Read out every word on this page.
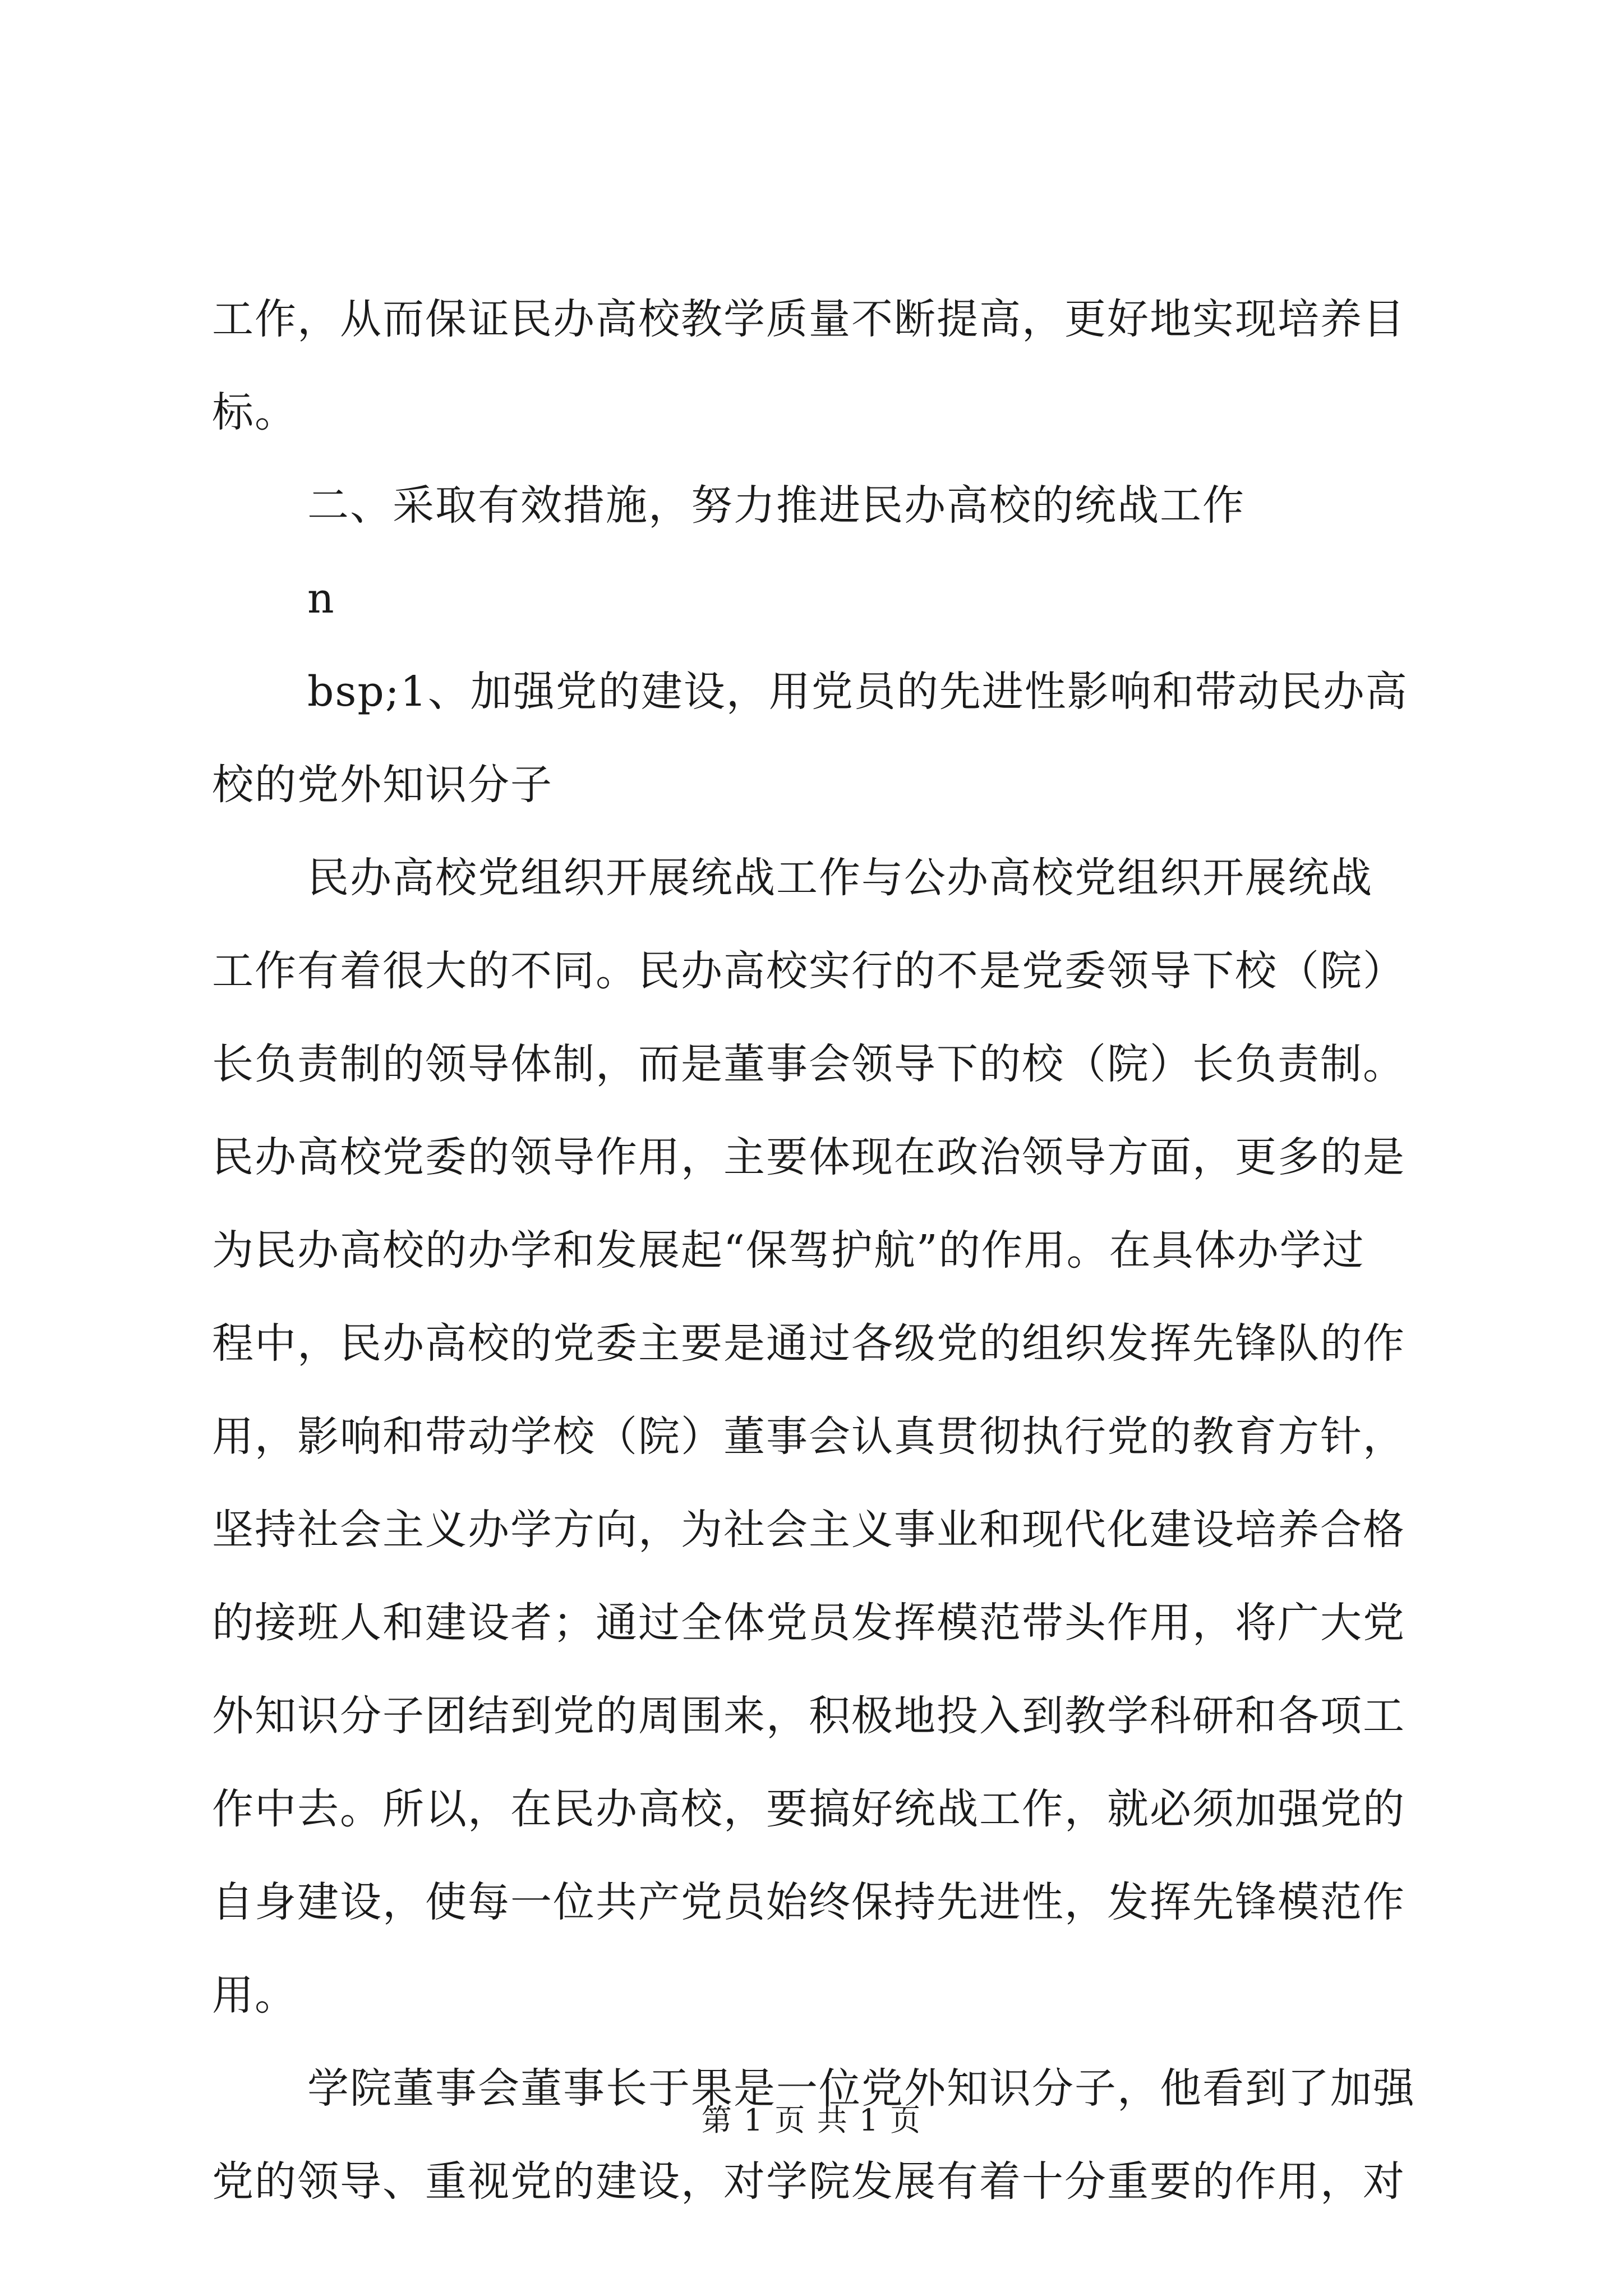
工作，从而保证民办高校教学质量不断提高，更好地实现培养目
标。
二、采取有效措施，努力推进民办高校的统战工作
n
bsp;1、加强党的建设，用党员的先进性影响和带动民办高
校的党外知识分子
民办高校党组织开展统战工作与公办高校党组织开展统战
工作有着很大的不同。民办高校实行的不是党委领导下校（院）
长负责制的领导体制，而是董事会领导下的校（院）长负责制。
民办高校党委的领导作用，主要体现在政治领导方面，更多的是
为民办高校的办学和发展起“保驾护航”的作用。在具体办学过
程中，民办高校的党委主要是通过各级党的组织发挥先锋队的作
用，影响和带动学校（院）董事会认真贯彻执行党的教育方针，
坚持社会主义办学方向，为社会主义事业和现代化建设培养合格
的接班人和建设者；通过全体党员发挥模范带头作用，将广大党
外知识分子团结到党的周围来，积极地投入到教学科研和各项工
作中去。所以，在民办高校，要搞好统战工作，就必须加强党的
自身建设，使每一位共产党员始终保持先进性，发挥先锋模范作
用。
学院董事会董事长于果是一位党外知识分子，他看到了加强
党的领导、重视党的建设，对学院发展有着十分重要的作用，对
第 1 页 共 1 页
